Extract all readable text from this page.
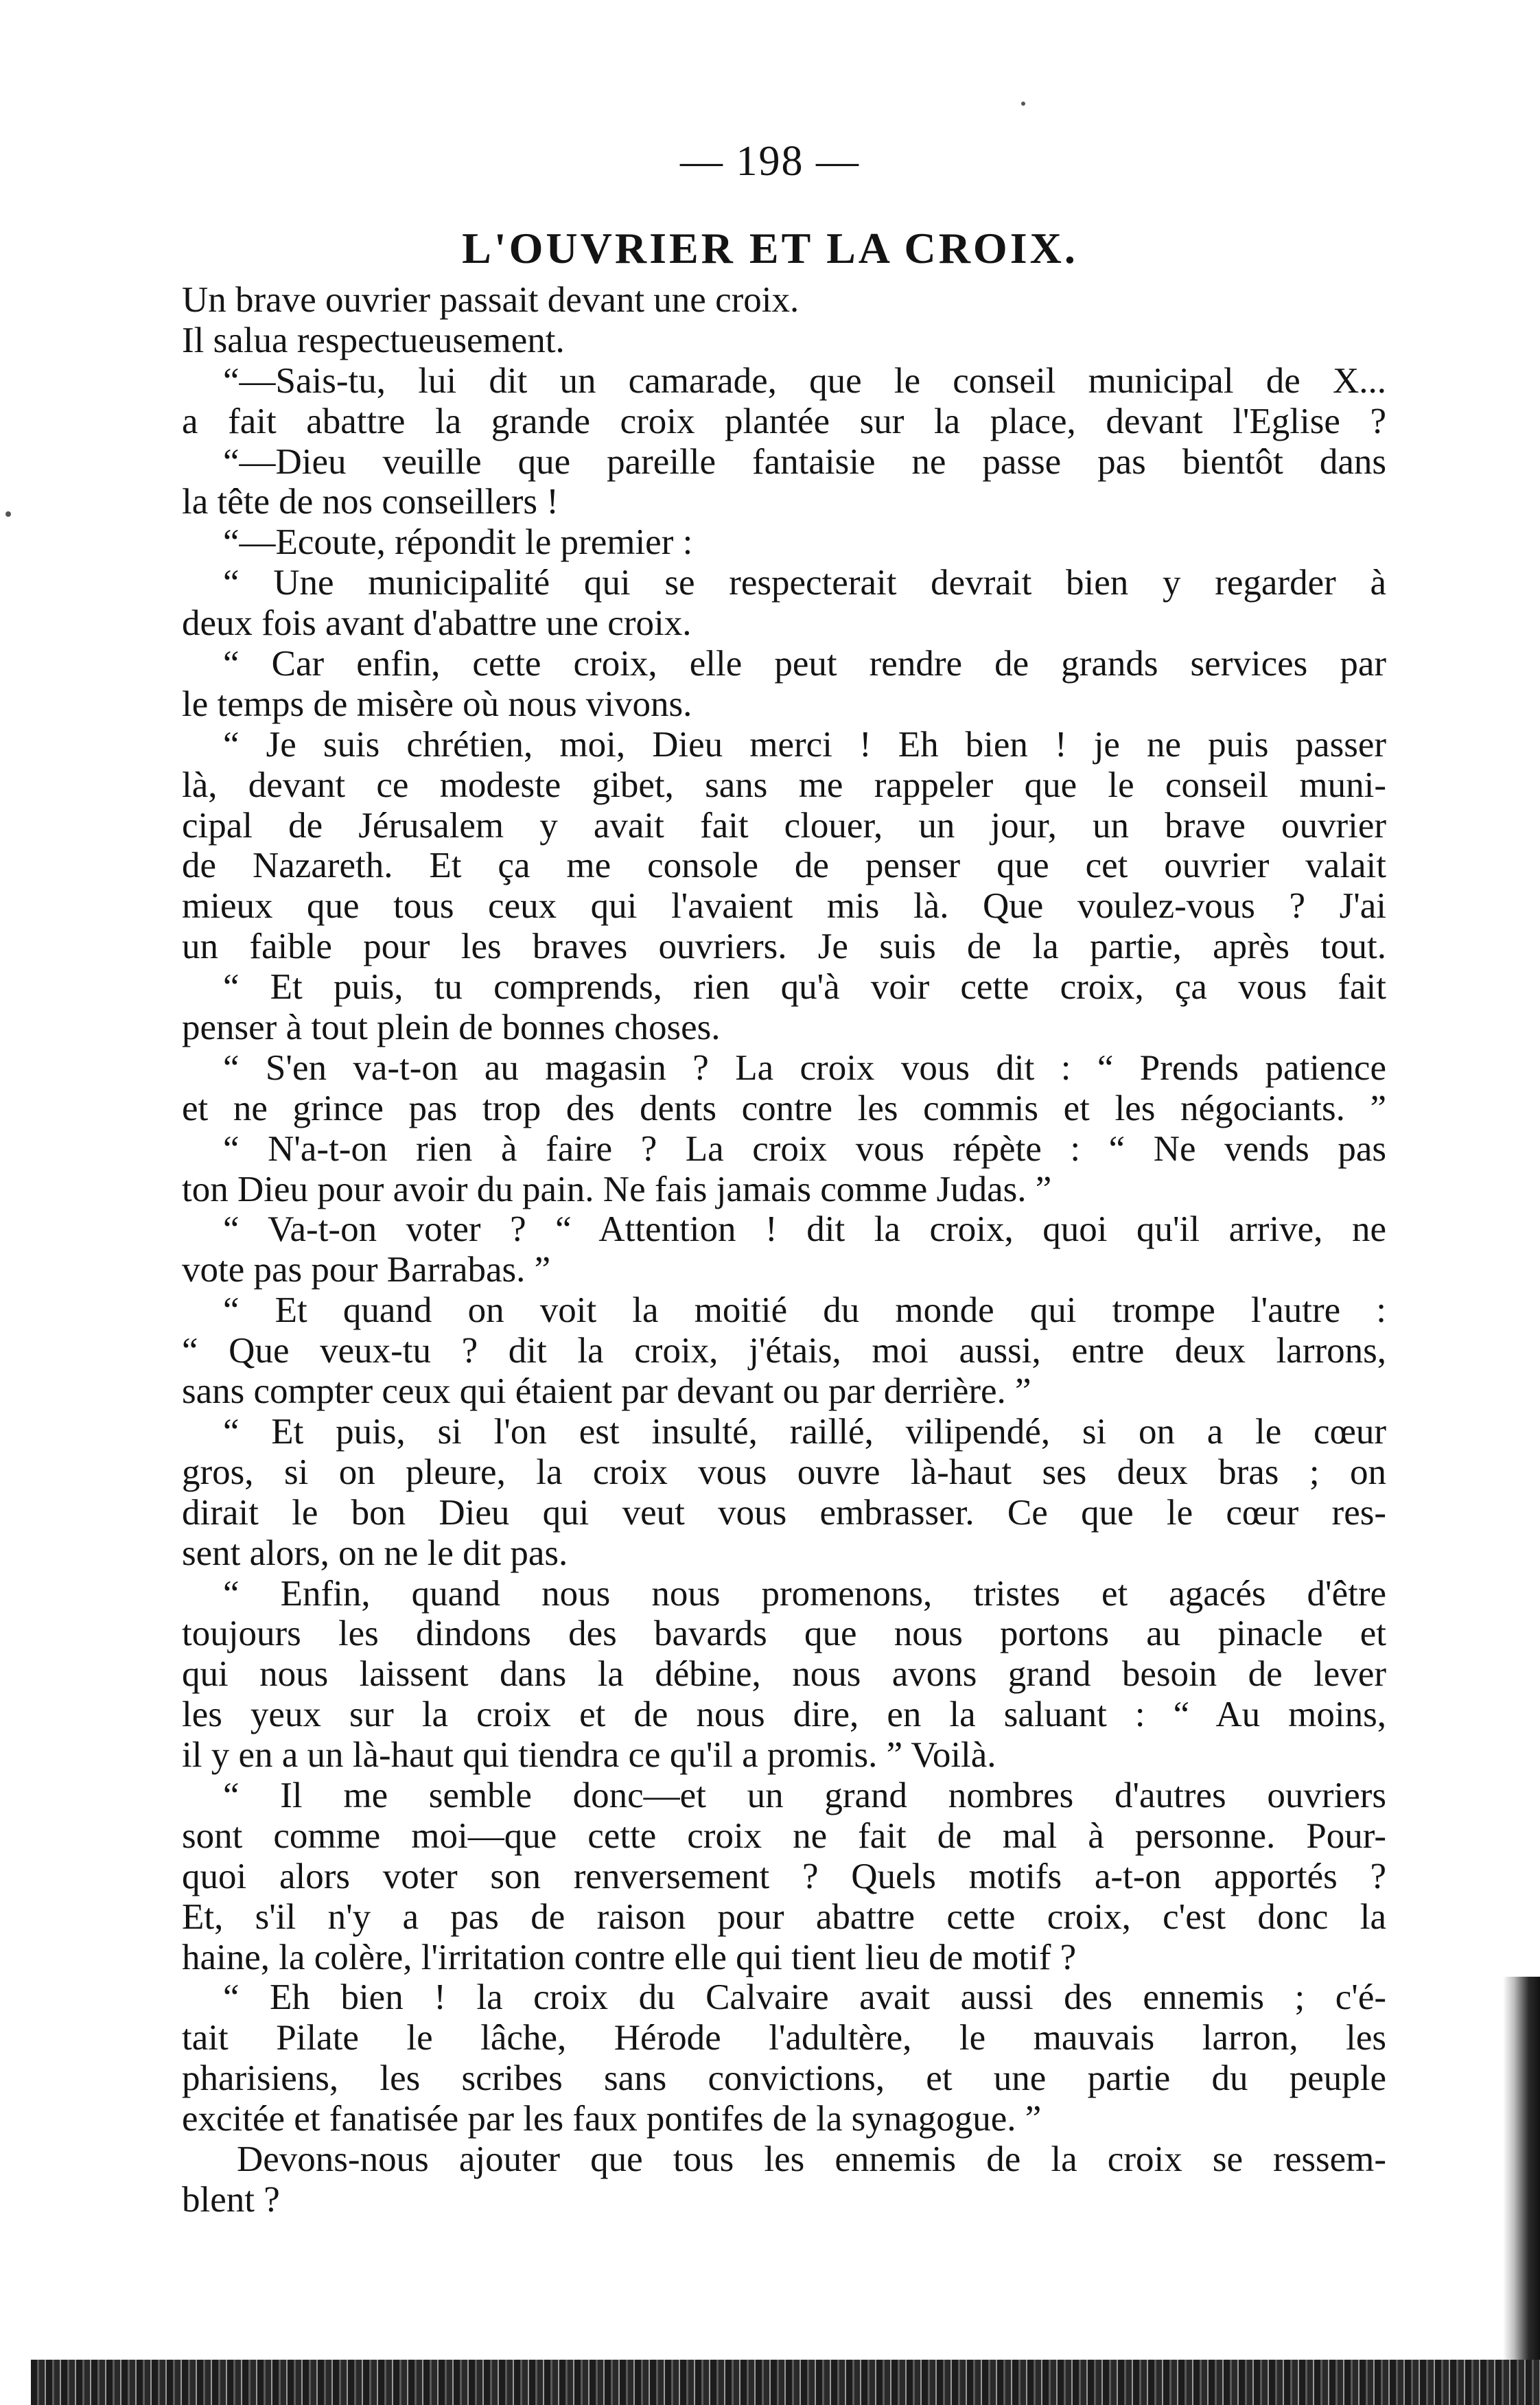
— 198 —
L'OUVRIER ET LA CROIX.
Un brave ouvrier passait devant une croix.
Il salua respectueusement.
“—Sais-tu, lui dit un camarade, que le conseil municipal de X...
a fait abattre la grande croix plantée sur la place, devant l'Eglise ?
“—Dieu veuille que pareille fantaisie ne passe pas bientôt dans
la tête de nos conseillers !
“—Ecoute, répondit le premier :
“ Une municipalité qui se respecterait devrait bien y regarder à
deux fois avant d'abattre une croix.
“ Car enfin, cette croix, elle peut rendre de grands services par
le temps de misère où nous vivons.
“ Je suis chrétien, moi, Dieu merci ! Eh bien ! je ne puis passer
là, devant ce modeste gibet, sans me rappeler que le conseil muni-
cipal de Jérusalem y avait fait clouer, un jour, un brave ouvrier
de Nazareth. Et ça me console de penser que cet ouvrier valait
mieux que tous ceux qui l'avaient mis là. Que voulez-vous ? J'ai
un faible pour les braves ouvriers. Je suis de la partie, après tout.
“ Et puis, tu comprends, rien qu'à voir cette croix, ça vous fait
penser à tout plein de bonnes choses.
“ S'en va-t-on au magasin ? La croix vous dit : “ Prends patience
et ne grince pas trop des dents contre les commis et les négociants. ”
“ N'a-t-on rien à faire ? La croix vous répète : “ Ne vends pas
ton Dieu pour avoir du pain. Ne fais jamais comme Judas. ”
“ Va-t-on voter ? “ Attention ! dit la croix, quoi qu'il arrive, ne
vote pas pour Barrabas. ”
“ Et quand on voit la moitié du monde qui trompe l'autre :
“ Que veux-tu ? dit la croix, j'étais, moi aussi, entre deux larrons,
sans compter ceux qui étaient par devant ou par derrière. ”
“ Et puis, si l'on est insulté, raillé, vilipendé, si on a le cœur
gros, si on pleure, la croix vous ouvre là-haut ses deux bras ; on
dirait le bon Dieu qui veut vous embrasser. Ce que le cœur res-
sent alors, on ne le dit pas.
“ Enfin, quand nous nous promenons, tristes et agacés d'être
toujours les dindons des bavards que nous portons au pinacle et
qui nous laissent dans la débine, nous avons grand besoin de lever
les yeux sur la croix et de nous dire, en la saluant : “ Au moins,
il y en a un là-haut qui tiendra ce qu'il a promis. ” Voilà.
“ Il me semble donc—et un grand nombres d'autres ouvriers
sont comme moi—que cette croix ne fait de mal à personne. Pour-
quoi alors voter son renversement ? Quels motifs a-t-on apportés ?
Et, s'il n'y a pas de raison pour abattre cette croix, c'est donc la
haine, la colère, l'irritation contre elle qui tient lieu de motif ?
“ Eh bien ! la croix du Calvaire avait aussi des ennemis ; c'é-
tait Pilate le lâche, Hérode l'adultère, le mauvais larron, les
pharisiens, les scribes sans convictions, et une partie du peuple
excitée et fanatisée par les faux pontifes de la synagogue. ”
Devons-nous ajouter que tous les ennemis de la croix se ressem-
blent ?
